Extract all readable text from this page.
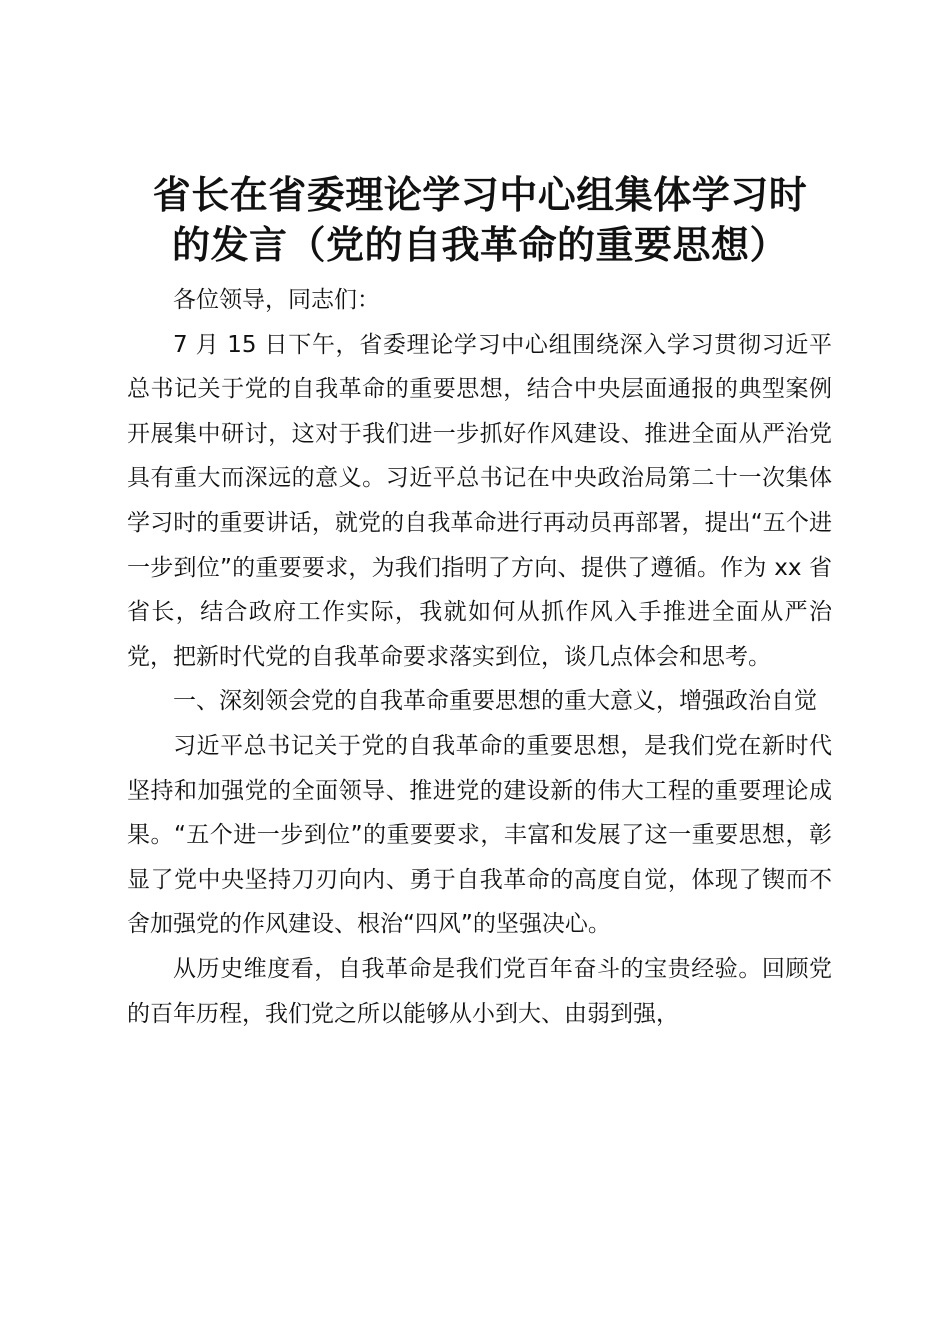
省长在省委理论学习中心组集体学习时
的发言（党的自我革命的重要思想）

各位领导，同志们：

7 月 15 日下午，省委理论学习中心组围绕深入学习贯彻习近平总书记关于党的自我革命的重要思想，结合中央层面通报的典型案例开展集中研讨，这对于我们进一步抓好作风建设、推进全面从严治党具有重大而深远的意义。习近平总书记在中央政治局第二十一次集体学习时的重要讲话，就党的自我革命进行再动员再部署，提出“五个进一步到位”的重要要求，为我们指明了方向、提供了遵循。作为 xx 省省长，结合政府工作实际，我就如何从抓作风入手推进全面从严治党，把新时代党的自我革命要求落实到位，谈几点体会和思考。

一、深刻领会党的自我革命重要思想的重大意义，增强政治自觉

习近平总书记关于党的自我革命的重要思想，是我们党在新时代坚持和加强党的全面领导、推进党的建设新的伟大工程的重要理论成果。“五个进一步到位”的重要要求，丰富和发展了这一重要思想，彰显了党中央坚持刀刃向内、勇于自我革命的高度自觉，体现了锲而不舍加强党的作风建设、根治“四风”的坚强决心。

从历史维度看，自我革命是我们党百年奋斗的宝贵经验。回顾党的百年历程，我们党之所以能够从小到大、由弱到强，
